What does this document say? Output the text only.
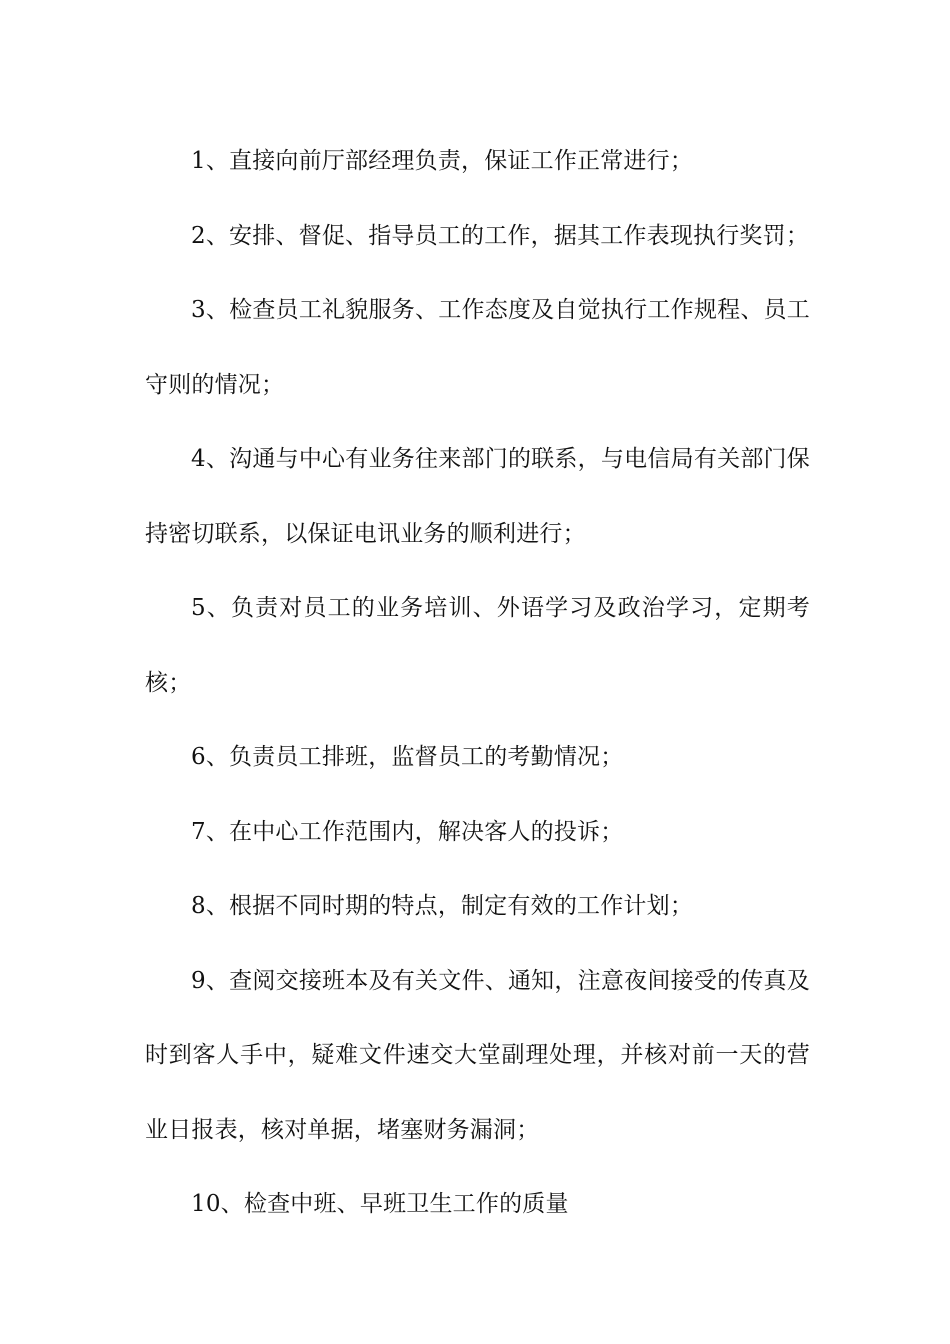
1、直接向前厅部经理负责，保证工作正常进行；

2、安排、督促、指导员工的工作，据其工作表现执行奖罚；

3、检查员工礼貌服务、工作态度及自觉执行工作规程、员工守则的情况；

4、沟通与中心有业务往来部门的联系，与电信局有关部门保持密切联系，以保证电讯业务的顺利进行；

5、负责对员工的业务培训、外语学习及政治学习，定期考核；

6、负责员工排班，监督员工的考勤情况；

7、在中心工作范围内，解决客人的投诉；

8、根据不同时期的特点，制定有效的工作计划；

9、查阅交接班本及有关文件、通知，注意夜间接受的传真及时到客人手中，疑难文件速交大堂副理处理，并核对前一天的营业日报表，核对单据，堵塞财务漏洞；

10、检查中班、早班卫生工作的质量
